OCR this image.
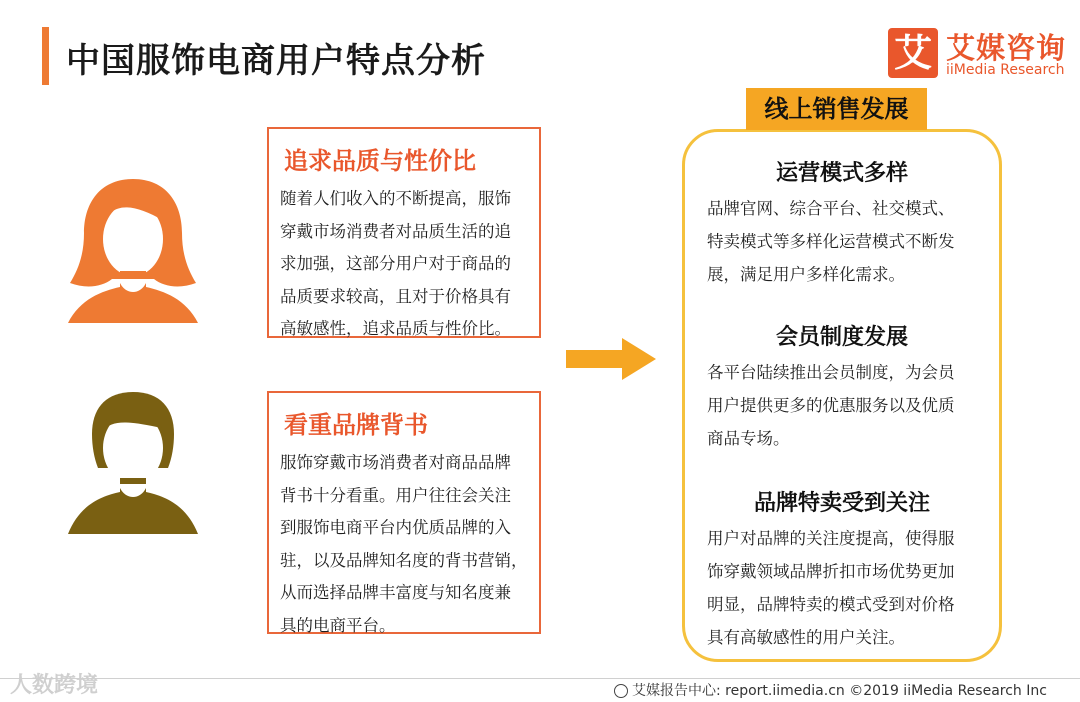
中国服饰电商用户特点分析	艾 艾媒咨询
iiMedia Research
追求品质与性价比
随着人们收入的不断提高，服饰
穿戴市场消费者对品质生活的追
求加强，这部分用户对于商品的
品质要求较高，且对于价格具有
高敏感性，追求品质与性价比。
看重品牌背书
服饰穿戴市场消费者对商品品牌
背书十分看重。用户往往会关注
到服饰电商平台内优质品牌的入
驻，以及品牌知名度的背书营销，
从而选择品牌丰富度与知名度兼
具的电商平台。
运营模式多样
品牌官网、综合平台、社交模式、
特卖模式等多样化运营模式不断发
展，满足用户多样化需求。
会员制度发展
各平台陆续推出会员制度，为会员
用户提供更多的优惠服务以及优质
商品专场。
品牌特卖受到关注
用户对品牌的关注度提高，使得服
饰穿戴领域品牌折扣市场优势更加
明显，品牌特卖的模式受到对价格
具有高敏感性的用户关注。
线上销售发展
人数跨境	艾媒报告中心: report.iimedia.cn ©2019 iiMedia Research Inc
